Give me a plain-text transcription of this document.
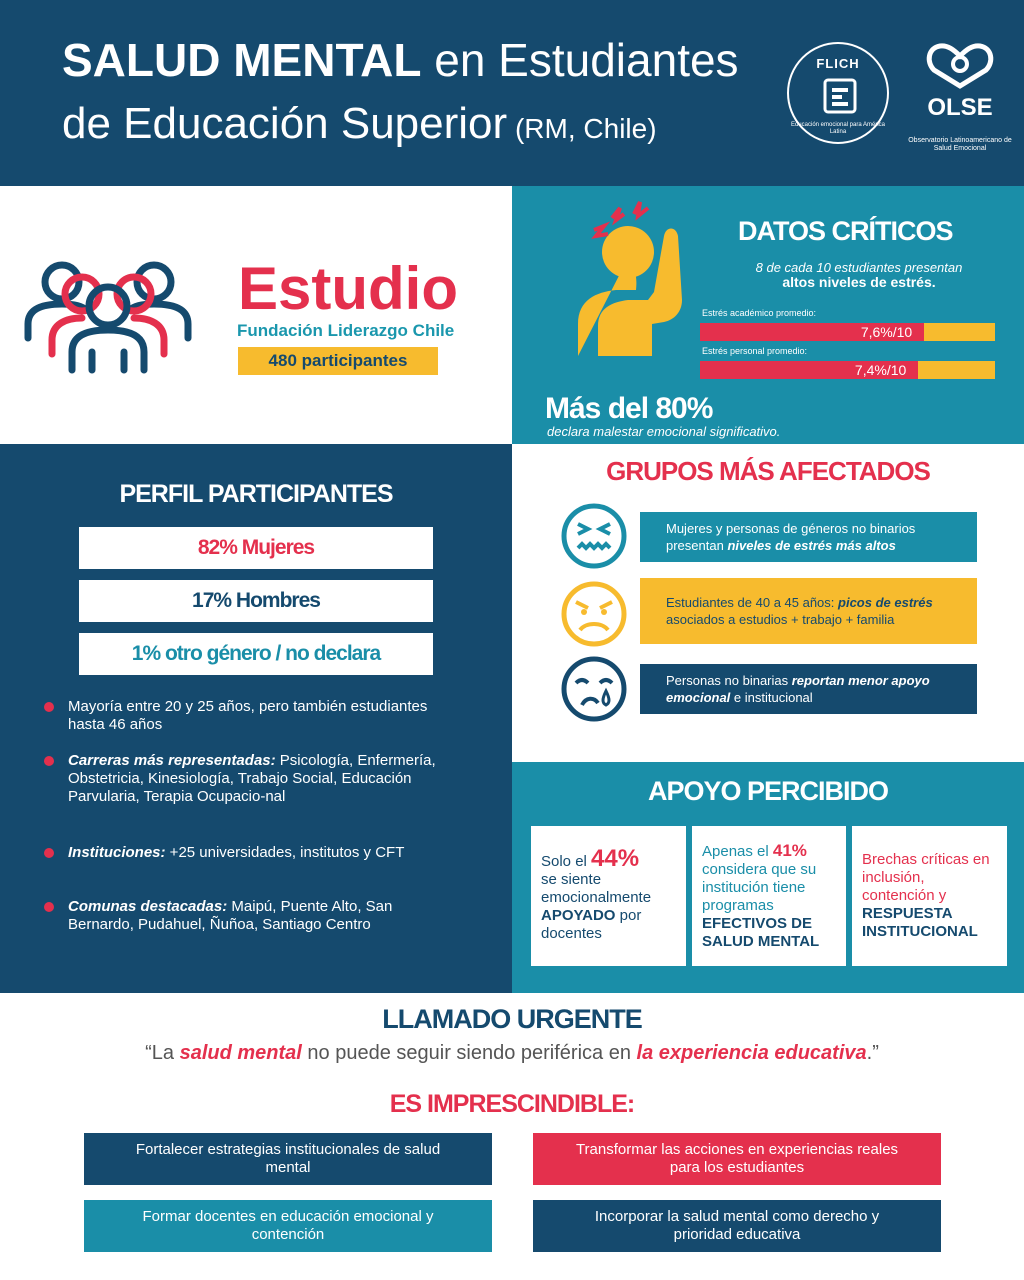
SALUD MENTAL en Estudiantes
de Educación Superior (RM, Chile)
FLICH
Educación emocional para América Latina
OLSE
Observatorio Latinoamericano de Salud Emocional
Estudio
Fundación Liderazgo Chile
480 participantes
DATOS CRÍTICOS
8 de cada 10 estudiantes presentan
altos niveles de estrés.
Estrés académico promedio:
7,6%/10
Estrés personal promedio:
7,4%/10
Más del 80%
declara malestar emocional significativo.
PERFIL PARTICIPANTES
82% Mujeres
17% Hombres
1% otro género / no declara
Mayoría entre 20 y 25 años, pero también estudiantes hasta 46 años
Carreras más representadas: Psicología, Enfermería, Obstetricia, Kinesiología, Trabajo Social, Educación Parvularia, Terapia Ocupacio-nal
Instituciones: +25 universidades, institutos y CFT
Comunas destacadas: Maipú, Puente Alto, San Bernardo, Pudahuel, Ñuñoa, Santiago Centro
GRUPOS MÁS AFECTADOS
Mujeres y personas de géneros no binarios presentan niveles de estrés más altos
Estudiantes de 40 a 45 años: picos de estrés asociados a estudios + trabajo + familia
Personas no binarias reportan menor apoyo emocional e institucional
APOYO PERCIBIDO
Solo el 44%
se siente emocionalmente APOYADO por docentes
Apenas el 41%
considera que su institución tiene programas EFECTIVOS DE SALUD MENTAL
Brechas críticas en inclusión, contención y RESPUESTA INSTITUCIONAL
LLAMADO URGENTE
“La salud mental no puede seguir siendo periférica en la experiencia educativa.”
ES IMPRESCINDIBLE:
Fortalecer estrategias institucionales de salud mental
Transformar las acciones en experiencias reales para los estudiantes
Formar docentes en educación emocional y contención
Incorporar la salud mental como derecho y prioridad educativa
